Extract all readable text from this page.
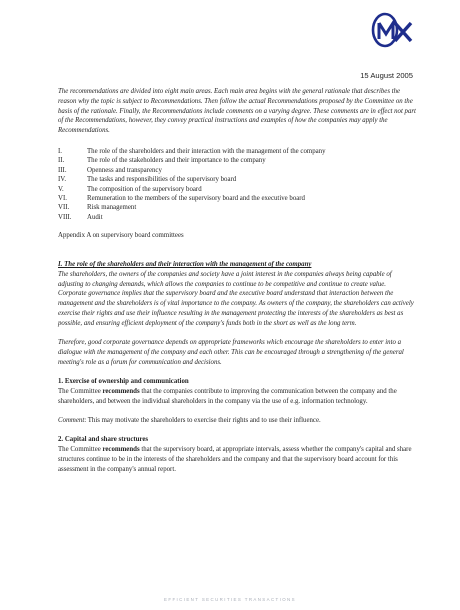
15 August 2005

The recommendations are divided into eight main areas. Each main area begins with the general rationale that describes the reason why the topic is subject to Recommendations. Then follow the actual Recommendations proposed by the Committee on the basis of the rationale. Finally, the Recommendations include comments on a varying degree. These comments are in effect not part of the Recommendations, however, they convey practical instructions and examples of how the companies may apply the Recommendations.

I.	The role of the shareholders and their interaction with the management of the company
II.	The role of the stakeholders and their importance to the company
III.	Openness and transparency
IV.	The tasks and responsibilities of the supervisory board
V.	The composition of the supervisory board
VI.	Remuneration to the members of the supervisory board and the executive board
VII.	Risk management
VIII.	Audit

Appendix A on supervisory board committees

I. The role of the shareholders and their interaction with the management of the company

The shareholders, the owners of the companies and society have a joint interest in the companies always being capable of adjusting to changing demands, which allows the companies to continue to be competitive and continue to create value. Corporate governance implies that the supervisory board and the executive board understand that interaction between the management and the shareholders is of vital importance to the company. As owners of the company, the shareholders can actively exercise their rights and use their influence resulting in the management protecting the interests of the shareholders as best as possible, and ensuring efficient deployment of the company's funds both in the short as well as the long term.

Therefore, good corporate governance depends on appropriate frameworks which encourage the shareholders to enter into a dialogue with the management of the company and each other. This can be encouraged through a strengthening of the general meeting's role as a forum for communication and decisions.

1. Exercise of ownership and communication

The Committee recommends that the companies contribute to improving the communication between the company and the shareholders, and between the individual shareholders in the company via the use of e.g. information technology.

Comment: This may motivate the shareholders to exercise their rights and to use their influence.

2. Capital and share structures

The Committee recommends that the supervisory board, at appropriate intervals, assess whether the company's capital and share structures continue to be in the interests of the shareholders and the company and that the supervisory board account for this assessment in the company's annual report.

EFFICIENT SECURITIES TRANSACTIONS
